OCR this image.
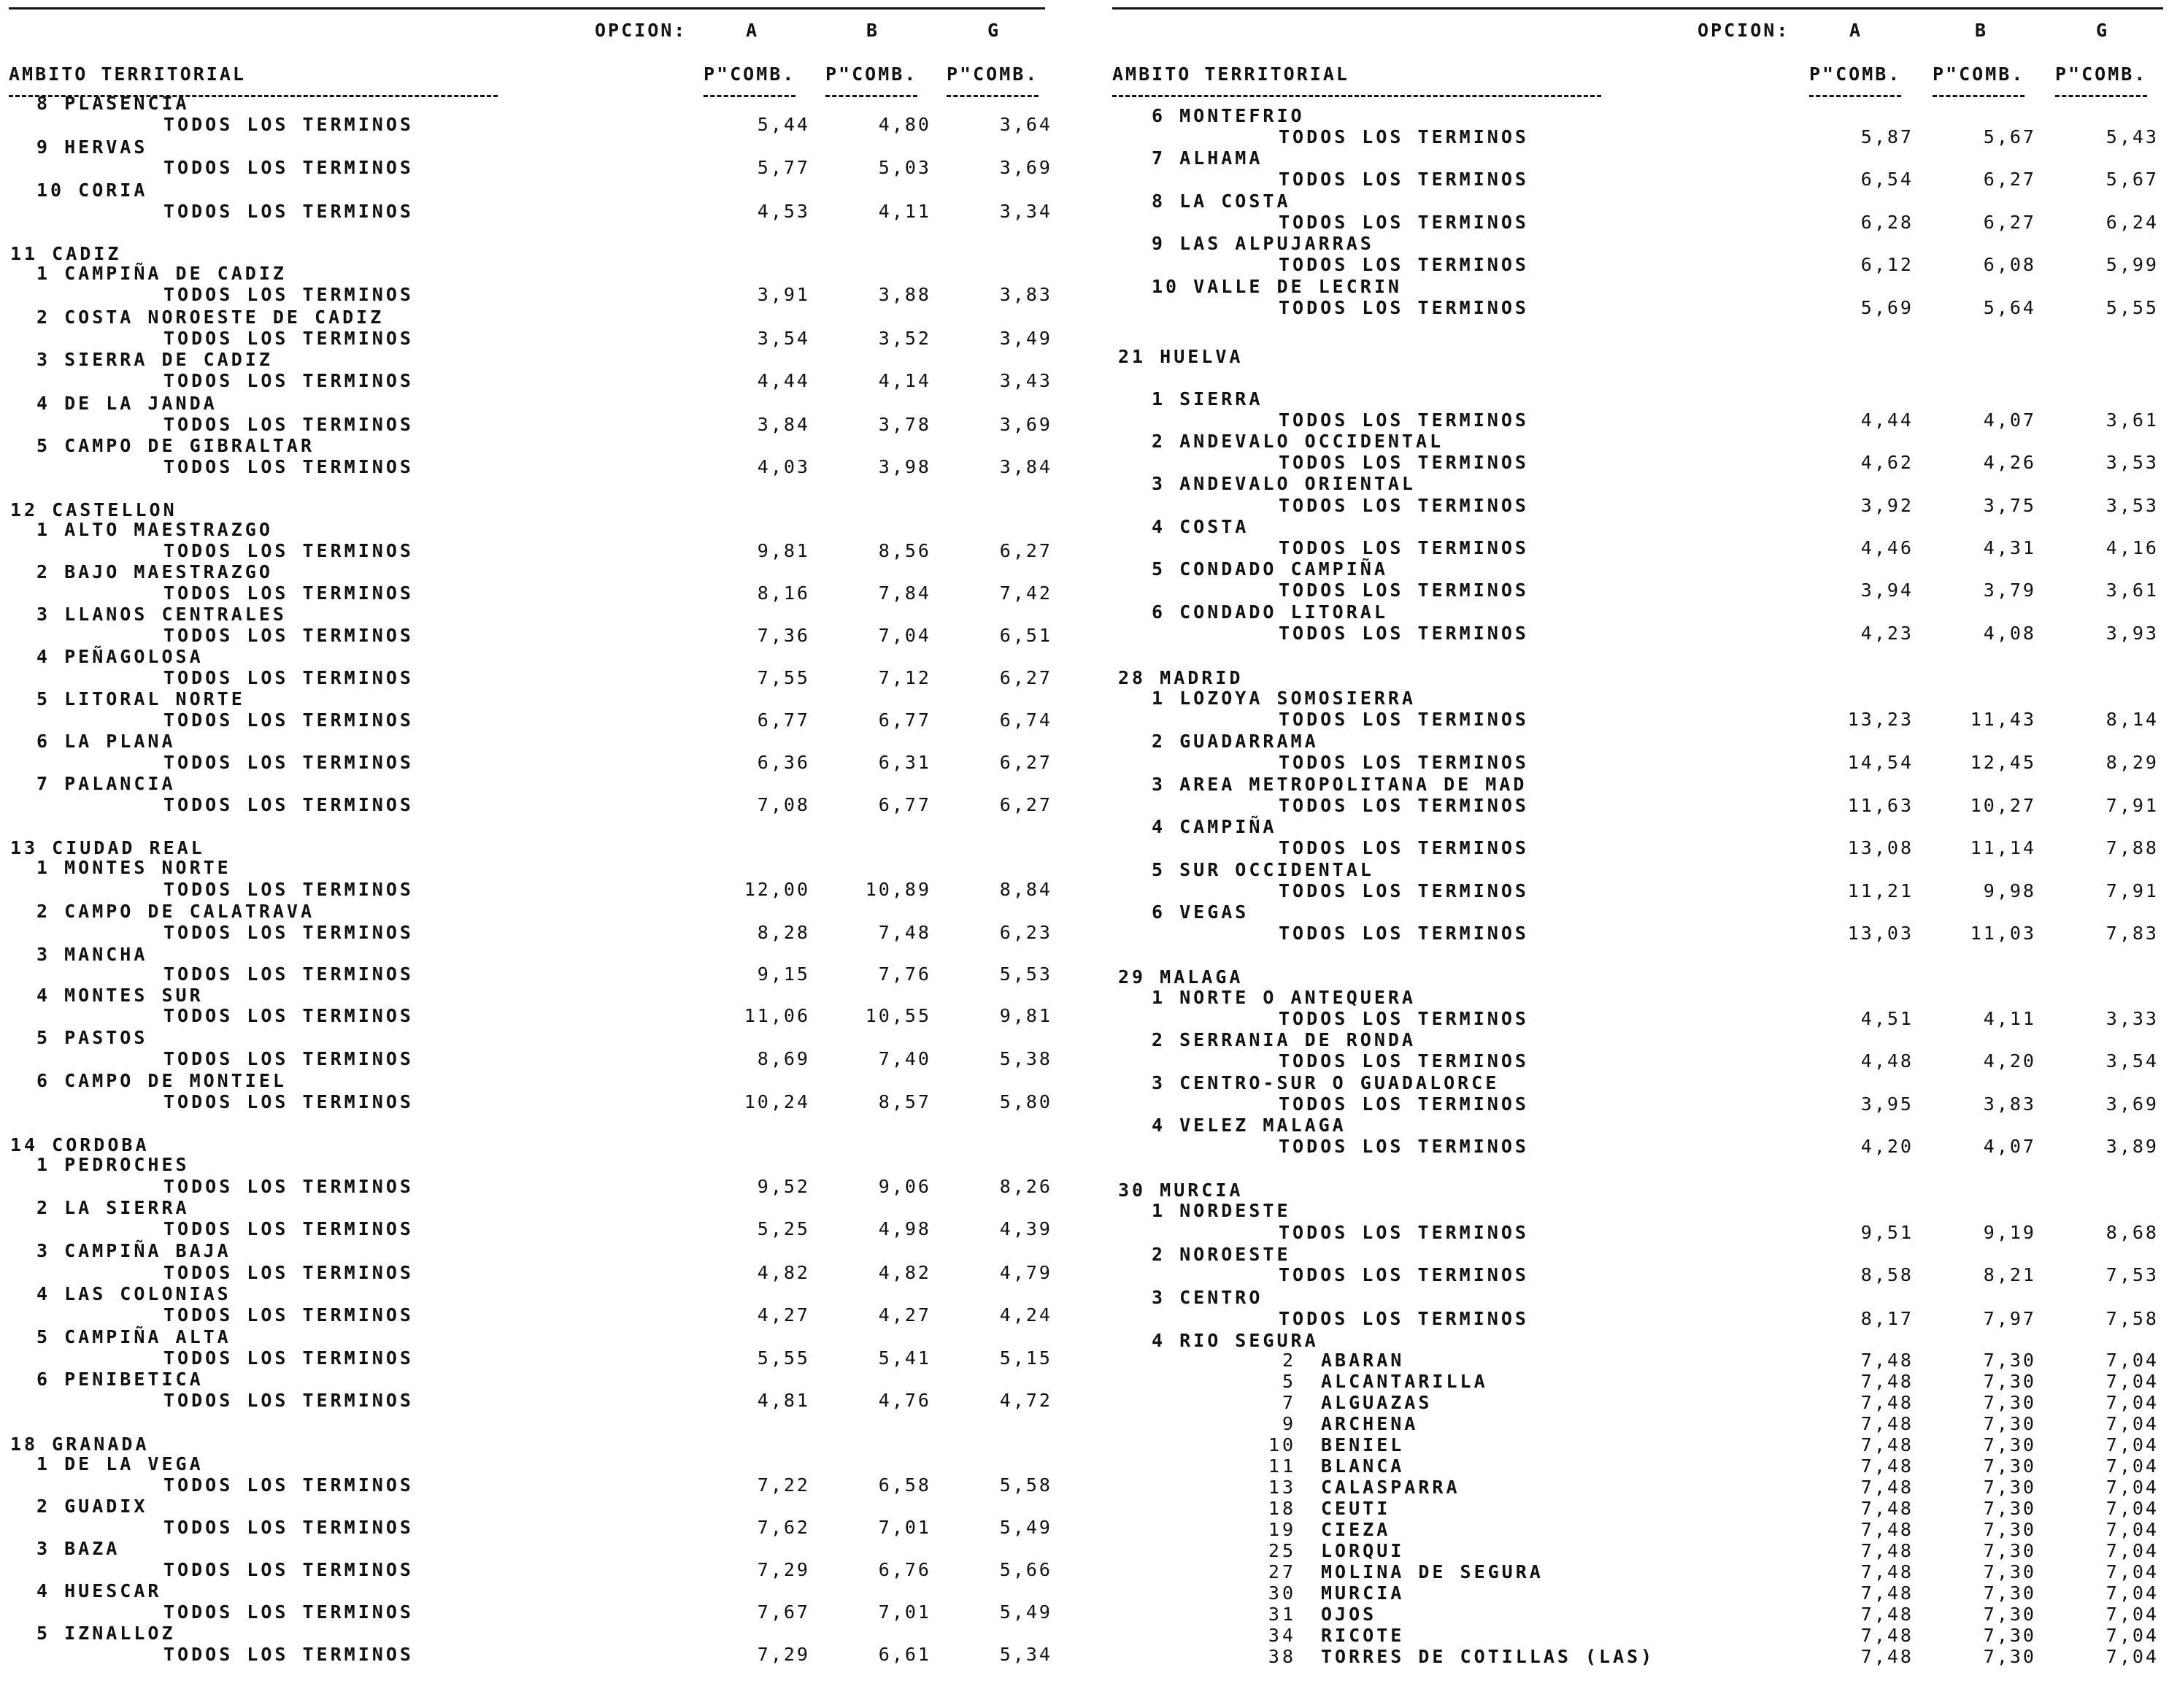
OPCION:	A	B	G
AMBITO TERRITORIAL	P"COMB. P"COMB. P"COMB.
8 PLASENCIA
TODOS LOS TERMINOS	5,44	4,80	3,64
9 HERVAS
TODOS LOS TERMINOS	5,77	5,03	3,69
10 CORIA
TODOS LOS TERMINOS	4,53	4,11	3,34
11 CADIZ
1 CAMPIÑA DE CADIZ
TODOS LOS TERMINOS	3,91	3,88	3,83
2 COSTA NOROESTE DE CADIZ
TODOS LOS TERMINOS	3,54	3,52	3,49
3 SIERRA DE CADIZ
TODOS LOS TERMINOS	4,44	4,14	3,43
4 DE LA JANDA
TODOS LOS TERMINOS	3,84	3,78	3,69
5 CAMPO DE GIBRALTAR
TODOS LOS TERMINOS	4,03	3,98	3,84
12 CASTELLON
1 ALTO MAESTRAZGO
TODOS LOS TERMINOS	9,81	8,56	6,27
2 BAJO MAESTRAZGO
TODOS LOS TERMINOS	8,16	7,84	7,42
3 LLANOS CENTRALES
TODOS LOS TERMINOS	7,36	7,04	6,51
4 PEÑAGOLOSA
TODOS LOS TERMINOS	7,55	7,12	6,27
5 LITORAL NORTE
TODOS LOS TERMINOS	6,77	6,77	6,74
6 LA PLANA
TODOS LOS TERMINOS	6,36	6,31	6,27
7 PALANCIA
TODOS LOS TERMINOS	7,08	6,77	6,27
13 CIUDAD REAL
1 MONTES NORTE
TODOS LOS TERMINOS	12,00	10,89	8,84
2 CAMPO DE CALATRAVA
TODOS LOS TERMINOS	8,28	7,48	6,23
3 MANCHA
TODOS LOS TERMINOS	9,15	7,76	5,53
4 MONTES SUR
TODOS LOS TERMINOS	11,06	10,55	9,81
5 PASTOS
TODOS LOS TERMINOS	8,69	7,40	5,38
6 CAMPO DE MONTIEL
TODOS LOS TERMINOS	10,24	8,57	5,80
14 CORDOBA
1 PEDROCHES
TODOS LOS TERMINOS	9,52	9,06	8,26
2 LA SIERRA
TODOS LOS TERMINOS	5,25	4,98	4,39
3 CAMPIÑA BAJA
TODOS LOS TERMINOS	4,82	4,82	4,79
4 LAS COLONIAS
TODOS LOS TERMINOS	4,27	4,27	4,24
5 CAMPIÑA ALTA
TODOS LOS TERMINOS	5,55	5,41	5,15
6 PENIBETICA
TODOS LOS TERMINOS	4,81	4,76	4,72
18 GRANADA
1 DE LA VEGA
TODOS LOS TERMINOS	7,22	6,58	5,58
2 GUADIX
TODOS LOS TERMINOS	7,62	7,01	5,49
3 BAZA
TODOS LOS TERMINOS	7,29	6,76	5,66
4 HUESCAR
TODOS LOS TERMINOS	7,67	7,01	5,49
5 IZNALLOZ
TODOS LOS TERMINOS	7,29	6,61	5,34
OPCION:	A	B	G
AMBITO TERRITORIAL	P"COMB. P"COMB. P"COMB.
6 MONTEFRIO
TODOS LOS TERMINOS	5,87	5,67	5,43
7 ALHAMA
TODOS LOS TERMINOS	6,54	6,27	5,67
8 LA COSTA
TODOS LOS TERMINOS	6,28	6,27	6,24
9 LAS ALPUJARRAS
TODOS LOS TERMINOS	6,12	6,08	5,99
10 VALLE DE LECRIN
TODOS LOS TERMINOS	5,69	5,64	5,55
21 HUELVA
1 SIERRA
TODOS LOS TERMINOS	4,44	4,07	3,61
2 ANDEVALO OCCIDENTAL
TODOS LOS TERMINOS	4,62	4,26	3,53
3 ANDEVALO ORIENTAL
TODOS LOS TERMINOS	3,92	3,75	3,53
4 COSTA
TODOS LOS TERMINOS	4,46	4,31	4,16
5 CONDADO CAMPIÑA
TODOS LOS TERMINOS	3,94	3,79	3,61
6 CONDADO LITORAL
TODOS LOS TERMINOS	4,23	4,08	3,93
28 MADRID
1 LOZOYA SOMOSIERRA
TODOS LOS TERMINOS	13,23	11,43	8,14
2 GUADARRAMA
TODOS LOS TERMINOS	14,54	12,45	8,29
3 AREA METROPOLITANA DE MAD
TODOS LOS TERMINOS	11,63	10,27	7,91
4 CAMPIÑA
TODOS LOS TERMINOS	13,08	11,14	7,88
5 SUR OCCIDENTAL
TODOS LOS TERMINOS	11,21	9,98	7,91
6 VEGAS
TODOS LOS TERMINOS	13,03	11,03	7,83
29 MALAGA
1 NORTE O ANTEQUERA
TODOS LOS TERMINOS	4,51	4,11	3,33
2 SERRANIA DE RONDA
TODOS LOS TERMINOS	4,48	4,20	3,54
3 CENTRO-SUR O GUADALORCE
TODOS LOS TERMINOS	3,95	3,83	3,69
4 VELEZ MALAGA
TODOS LOS TERMINOS	4,20	4,07	3,89
30 MURCIA
1 NORDESTE
TODOS LOS TERMINOS	9,51	9,19	8,68
2 NOROESTE
TODOS LOS TERMINOS	8,58	8,21	7,53
3 CENTRO
TODOS LOS TERMINOS	8,17	7,97	7,58
4 RIO SEGURA
2 ABARAN	7,48	7,30	7,04
5 ALCANTARILLA	7,48	7,30	7,04
7 ALGUAZAS	7,48	7,30	7,04
9 ARCHENA	7,48	7,30	7,04
10 BENIEL	7,48	7,30	7,04
11 BLANCA	7,48	7,30	7,04
13 CALASPARRA	7,48	7,30	7,04
18 CEUTI	7,48	7,30	7,04
19 CIEZA	7,48	7,30	7,04
25 LORQUI	7,48	7,30	7,04
27 MOLINA DE SEGURA	7,48	7,30	7,04
30 MURCIA	7,48	7,30	7,04
31 OJOS	7,48	7,30	7,04
34 RICOTE	7,48	7,30	7,04
38 TORRES DE COTILLAS (LAS)	7,48	7,30	7,04
